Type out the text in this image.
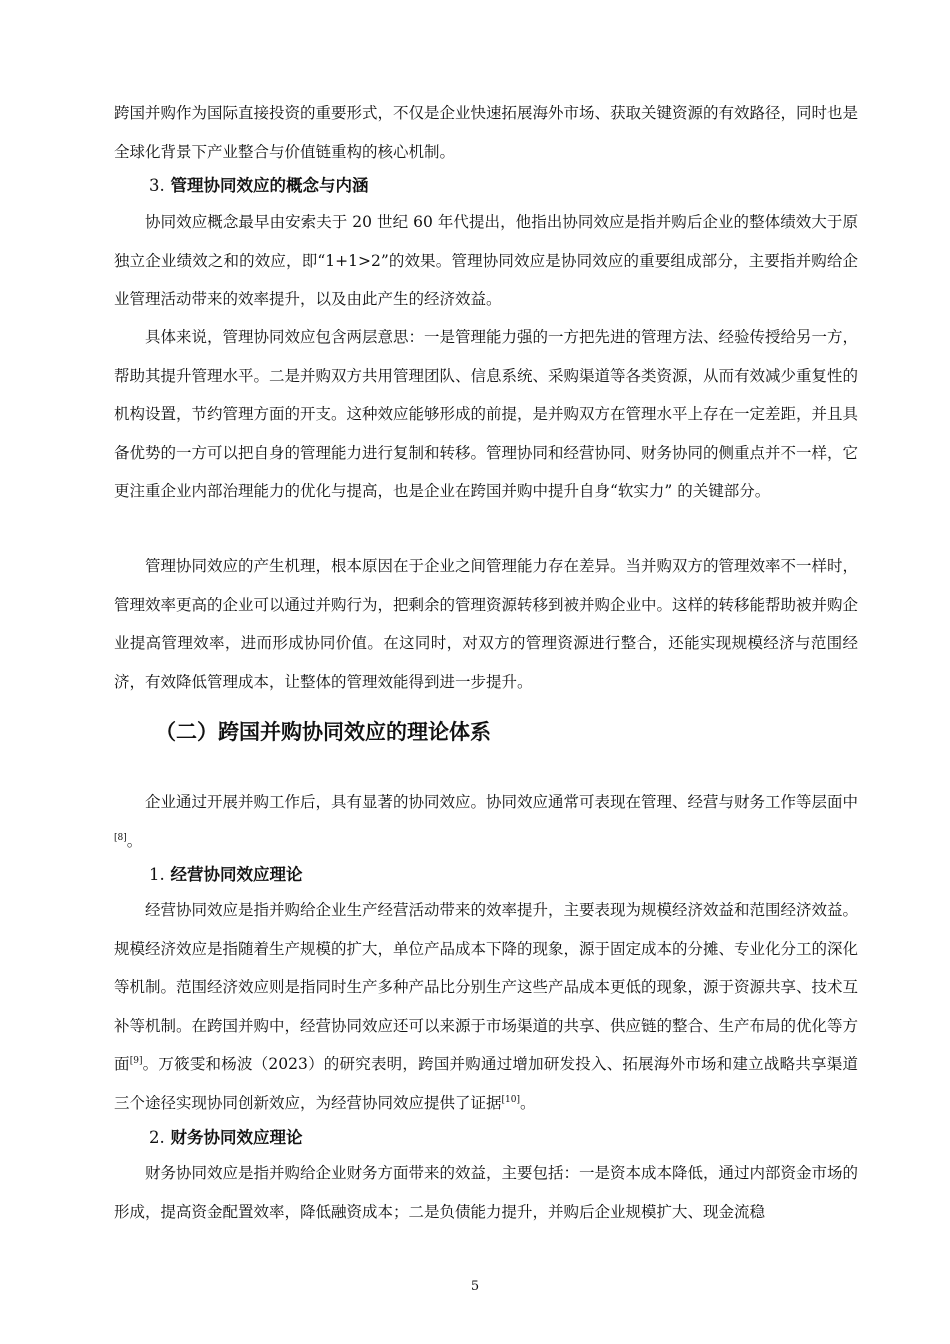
跨国并购作为国际直接投资的重要形式，不仅是企业快速拓展海外市场、获取关键资源的有效路径，同时也是全球化背景下产业整合与价值链重构的核心机制。

3. 管理协同效应的概念与内涵

协同效应概念最早由安索夫于 20 世纪 60 年代提出，他指出协同效应是指并购后企业的整体绩效大于原独立企业绩效之和的效应，即“1+1>2”的效果。管理协同效应是协同效应的重要组成部分，主要指并购给企业管理活动带来的效率提升，以及由此产生的经济效益。

具体来说，管理协同效应包含两层意思：一是管理能力强的一方把先进的管理方法、经验传授给另一方，帮助其提升管理水平。二是并购双方共用管理团队、信息系统、采购渠道等各类资源，从而有效减少重复性的机构设置，节约管理方面的开支。这种效应能够形成的前提，是并购双方在管理水平上存在一定差距，并且具备优势的一方可以把自身的管理能力进行复制和转移。管理协同和经营协同、财务协同的侧重点并不一样，它更注重企业内部治理能力的优化与提高，也是企业在跨国并购中提升自身“软实力” 的关键部分。

管理协同效应的产生机理，根本原因在于企业之间管理能力存在差异。当并购双方的管理效率不一样时，管理效率更高的企业可以通过并购行为，把剩余的管理资源转移到被并购企业中。这样的转移能帮助被并购企业提高管理效率，进而形成协同价值。在这同时，对双方的管理资源进行整合，还能实现规模经济与范围经济，有效降低管理成本，让整体的管理效能得到进一步提升。

（二）跨国并购协同效应的理论体系

企业通过开展并购工作后，具有显著的协同效应。协同效应通常可表现在管理、经营与财务工作等层面中[8]。

1. 经营协同效应理论

经营协同效应是指并购给企业生产经营活动带来的效率提升，主要表现为规模经济效益和范围经济效益。规模经济效应是指随着生产规模的扩大，单位产品成本下降的现象，源于固定成本的分摊、专业化分工的深化等机制。范围经济效应则是指同时生产多种产品比分别生产这些产品成本更低的现象，源于资源共享、技术互补等机制。在跨国并购中，经营协同效应还可以来源于市场渠道的共享、供应链的整合、生产布局的优化等方面[9]。万筱雯和杨波（2023）的研究表明，跨国并购通过增加研发投入、拓展海外市场和建立战略共享渠道三个途径实现协同创新效应，为经营协同效应提供了证据[10]。

2. 财务协同效应理论

财务协同效应是指并购给企业财务方面带来的效益，主要包括：一是资本成本降低，通过内部资金市场的形成，提高资金配置效率，降低融资成本；二是负债能力提升，并购后企业规模扩大、现金流稳

5
